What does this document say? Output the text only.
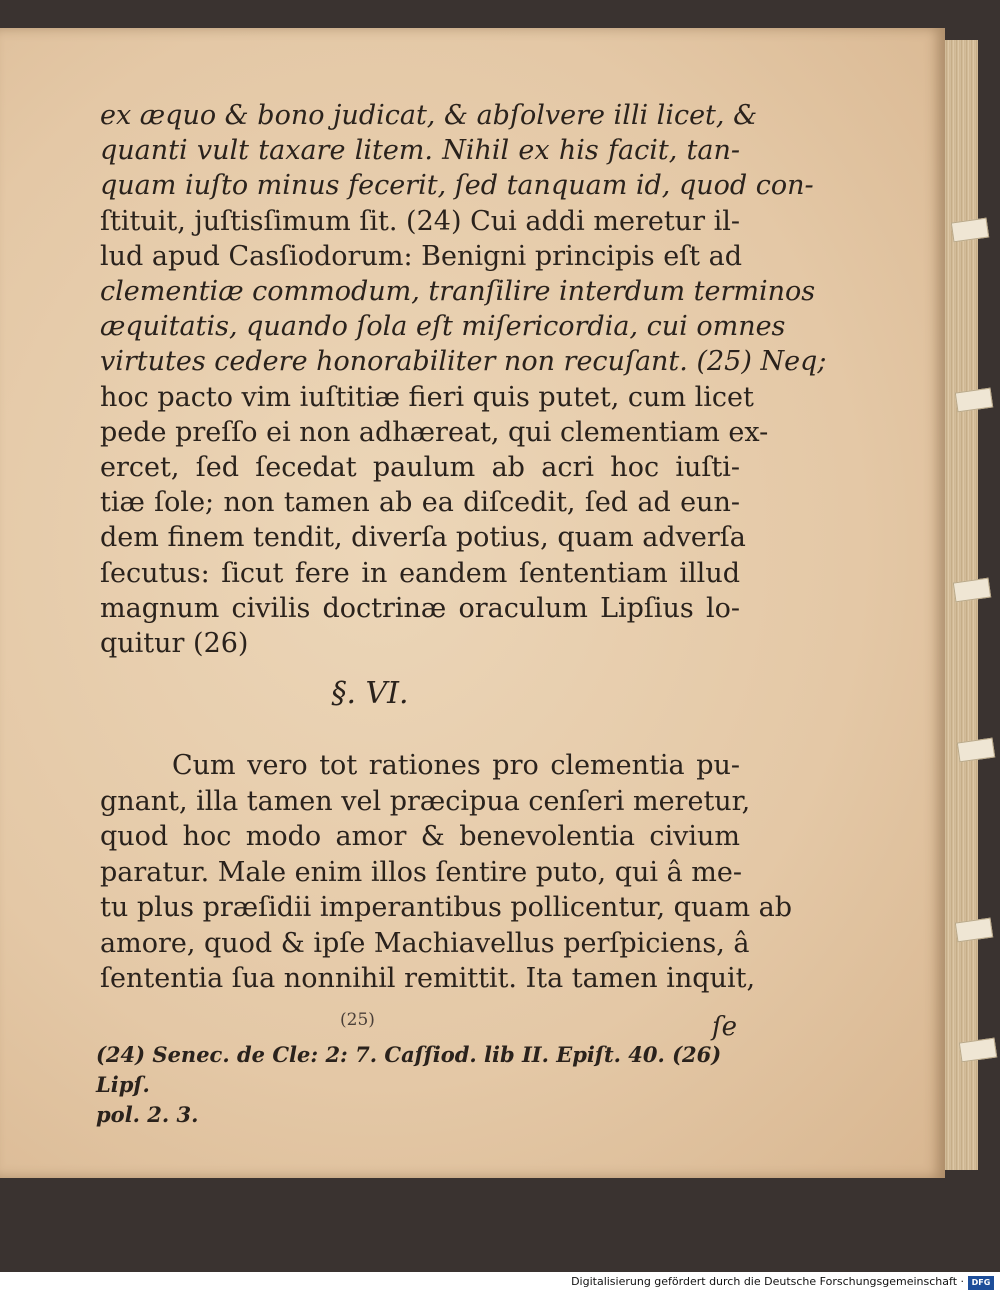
ex æquo & bono judicat, & abſolvere illi licet, &
quanti vult taxare litem. Nihil ex his facit, tan-
quam iuſto minus fecerit, ſed tanquam id, quod con-
ſtituit, juſtisſimum ſit. (24) Cui addi meretur il-
lud apud Casſiodorum: Benigni principis eſt ad
clementiæ commodum, tranſilire interdum terminos
æquitatis, quando ſola eſt miſericordia, cui omnes
virtutes cedere honorabiliter non recuſant. (25) Neq;
hoc pacto vim iuſtitiæ fieri quis putet, cum licet
pede preſſo ei non adhæreat, qui clementiam ex-
ercet, ſed ſecedat paulum ab acri hoc iuſti-
tiæ ſole; non tamen ab ea diſcedit, ſed ad eun-
dem finem tendit, diverſa potius, quam adverſa
ſecutus: ſicut fere in eandem ſententiam illud
magnum civilis doctrinæ oraculum Lipſius lo-
quitur (26)
§. VI.
Cum vero tot rationes pro clementia pu-
gnant, illa tamen vel præcipua cenſeri meretur,
quod hoc modo amor & benevolentia civium
paratur. Male enim illos ſentire puto, qui â me-
tu plus præſidii imperantibus pollicentur, quam ab
amore, quod & ipſe Machiavellus perſpiciens, â
ſententia ſua nonnihil remittit. Ita tamen inquit,
(25)	ſe
(24) Senec. de Cle: 2: 7. Caſſiod. lib II. Epiſt. 40. (26) Lipſ.
pol. 2. 3.
Digitalisierung gefördert durch die Deutsche Forschungsgemeinschaft · DFG
